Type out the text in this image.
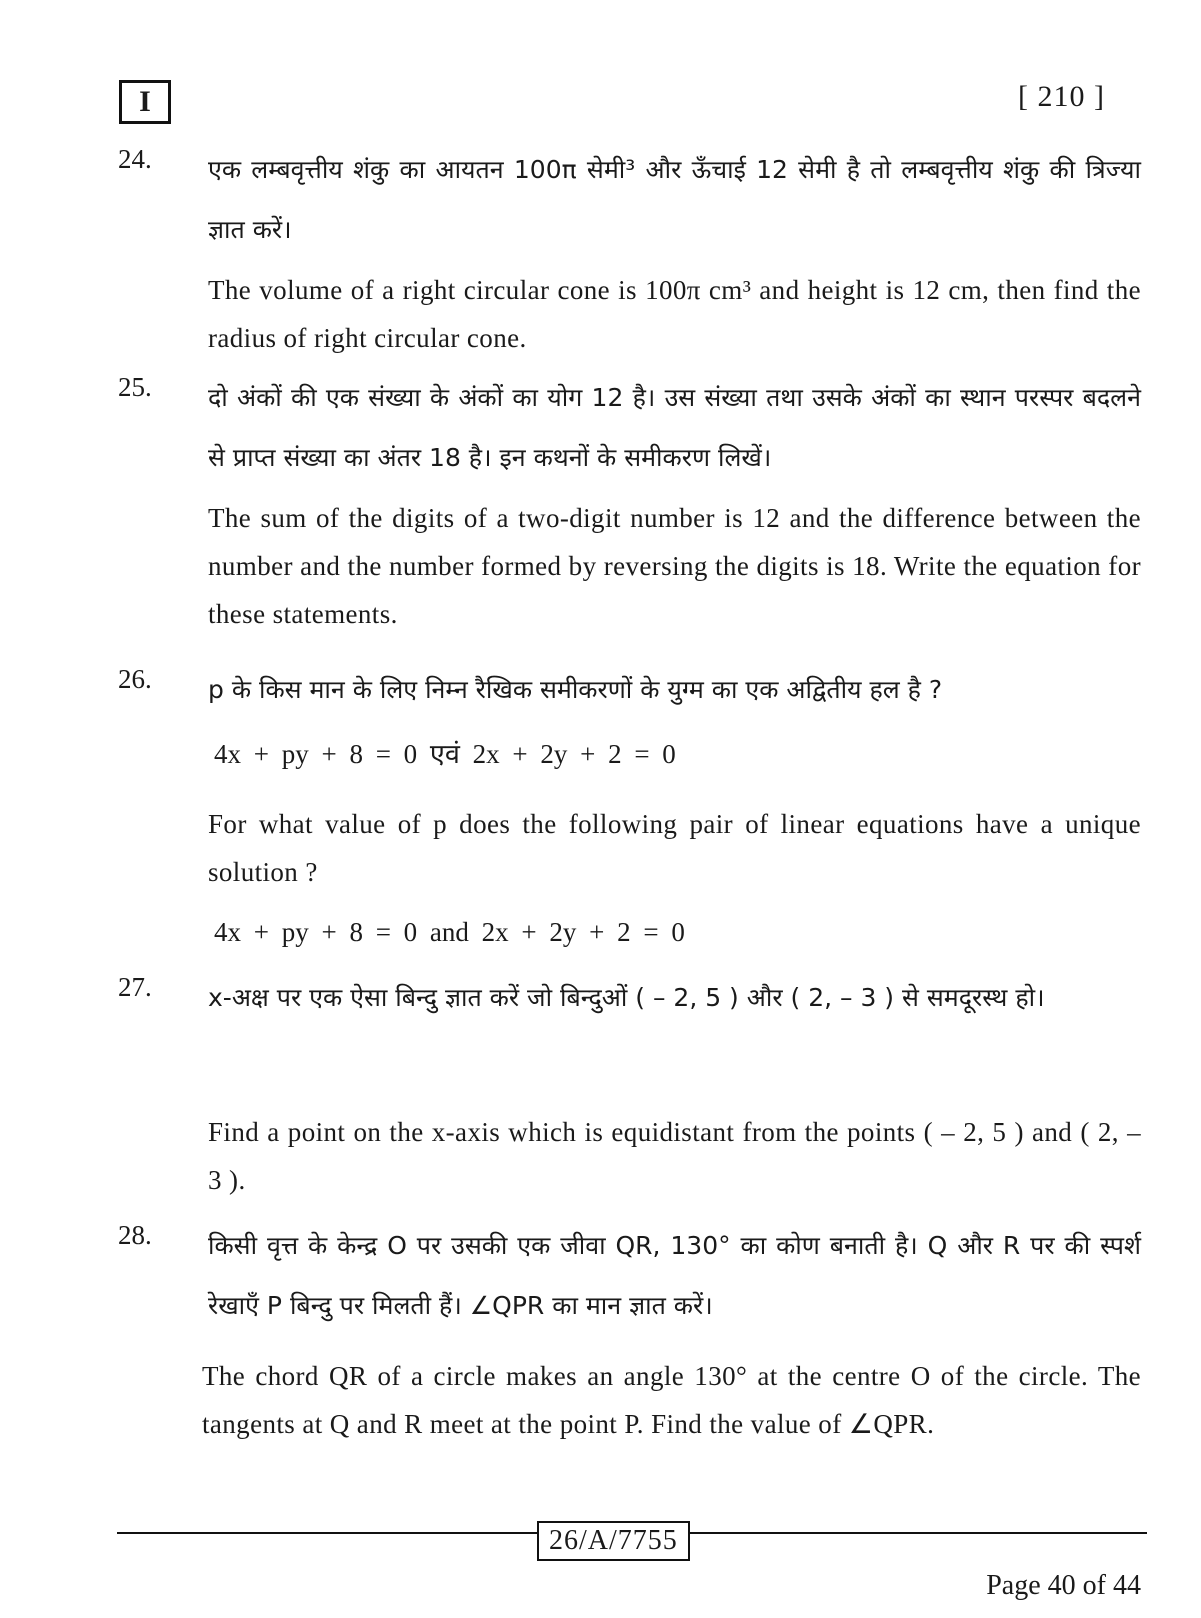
I	[ 210 ]
24. एक लम्बवृत्तीय शंकु का आयतन 100π सेमी³ और ऊँचाई 12 सेमी है तो लम्बवृत्तीय शंकु की त्रिज्या ज्ञात करें।
The volume of a right circular cone is 100π cm³ and height is 12 cm, then find the radius of right circular cone.
25. दो अंकों की एक संख्या के अंकों का योग 12 है। उस संख्या तथा उसके अंकों का स्थान परस्पर बदलने से प्राप्त संख्या का अंतर 18 है। इन कथनों के समीकरण लिखें।
The sum of the digits of a two-digit number is 12 and the difference between the number and the number formed by reversing the digits is 18. Write the equation for these statements.
26. p के किस मान के लिए निम्न रैखिक समीकरणों के युग्म का एक अद्वितीय हल है ?
4x + py + 8 = 0 एवं 2x + 2y + 2 = 0
For what value of p does the following pair of linear equations have a unique solution ?
4x + py + 8 = 0 and 2x + 2y + 2 = 0
27. x-अक्ष पर एक ऐसा बिन्दु ज्ञात करें जो बिन्दुओं ( – 2, 5 ) और ( 2, – 3 ) से समदूरस्थ हो।
Find a point on the x-axis which is equidistant from the points ( – 2, 5 ) and ( 2, – 3 ).
28. किसी वृत्त के केन्द्र O पर उसकी एक जीवा QR, 130° का कोण बनाती है। Q और R पर की स्पर्श रेखाएँ P बिन्दु पर मिलती हैं। ∠QPR का मान ज्ञात करें।
The chord QR of a circle makes an angle 130° at the centre O of the circle. The tangents at Q and R meet at the point P. Find the value of ∠QPR.
26/A/7755
Page 40 of 44
